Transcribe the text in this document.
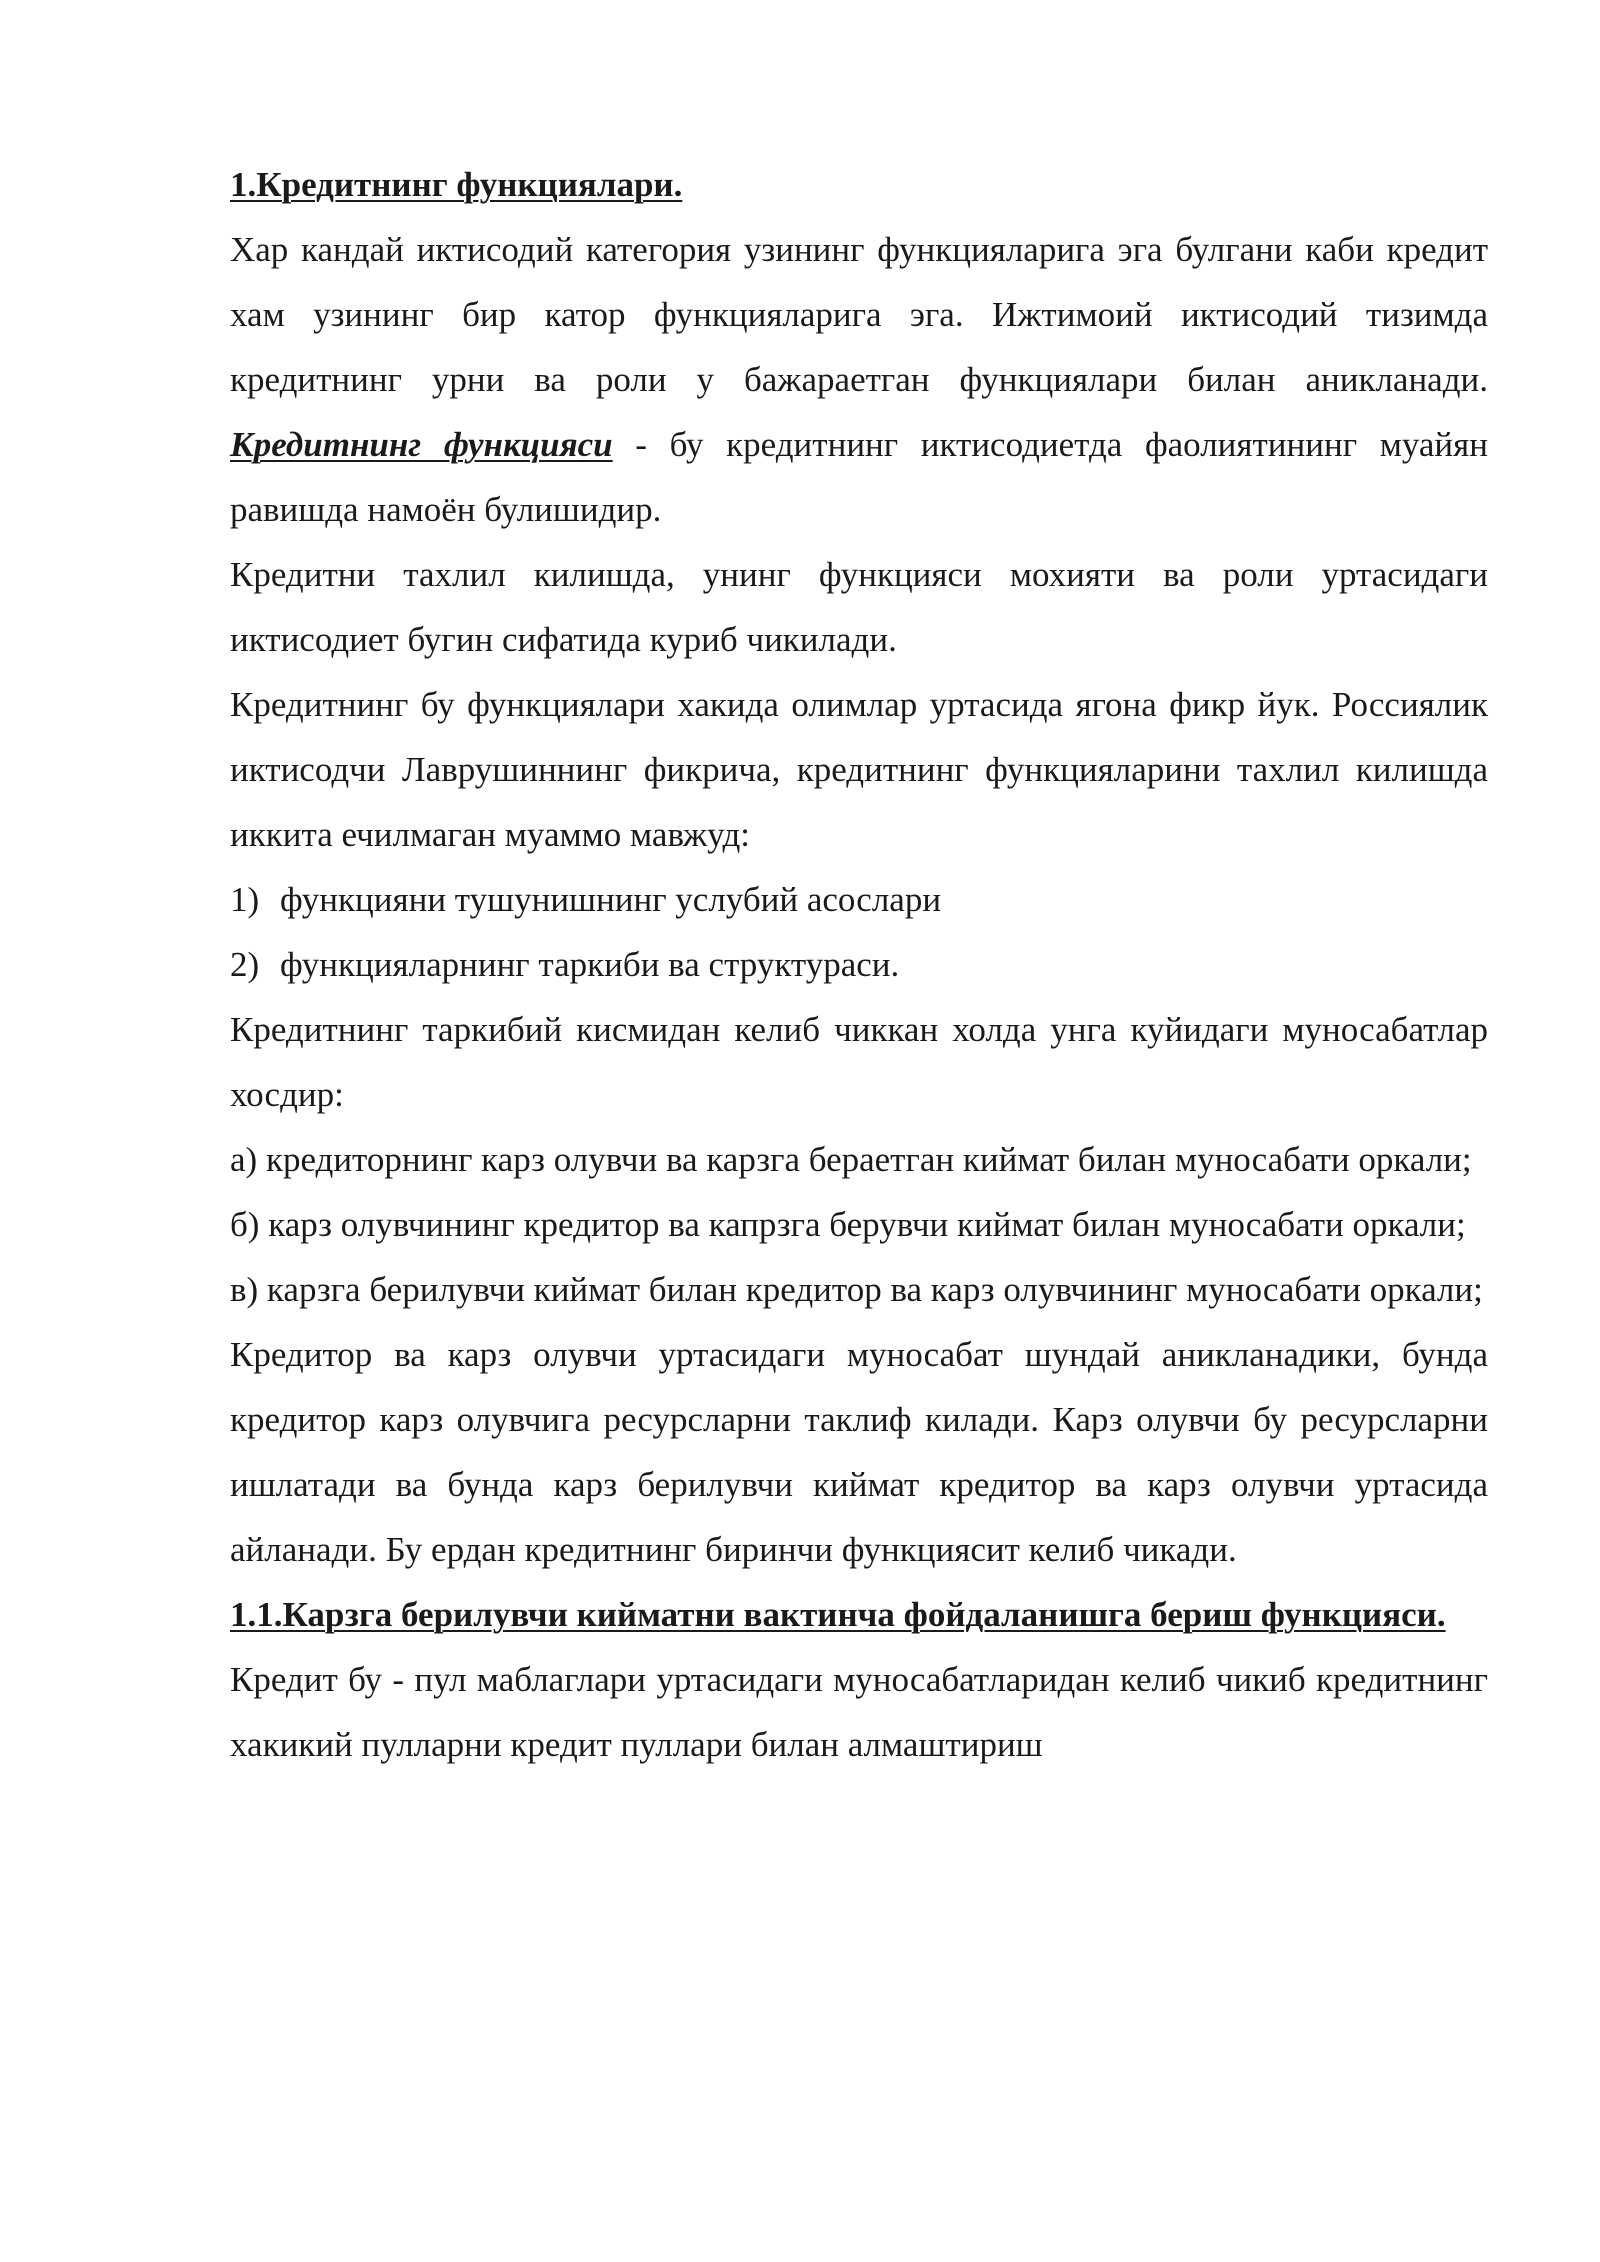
1.Кредитнинг функциялари.

Хар кандай иктисодий категория узининг функцияларига эга булгани каби кредит хам узининг бир катор функцияларига эга. Ижтимоий иктисодий тизимда кредитнинг урни ва роли у бажараетган функциялари билан аникланади. Кредитнинг функцияси - бу кредитнинг иктисодиетда фаолиятининг муайян равишда намоён булишидир.

Кредитни тахлил килишда, унинг функцияси мохияти ва роли уртасидаги иктисодиет бугин сифатида куриб чикилади.

Кредитнинг бу функциялари хакида олимлар уртасида ягона фикр йук. Россиялик иктисодчи Лаврушиннинг фикрича, кредитнинг функцияларини тахлил килишда иккита ечилмаган муаммо мавжуд:

1) функцияни тушунишнинг услубий асослари

2) функцияларнинг таркиби ва структураси.

Кредитнинг таркибий кисмидан келиб чиккан холда унга куйидаги муносабатлар хосдир:

а) кредиторнинг карз олувчи ва карзга бераетган киймат билан муносабати оркали;

б) карз олувчининг кредитор ва капрзга берувчи киймат билан муносабати оркали;

в) карзга берилувчи киймат билан кредитор ва карз олувчининг муносабати оркали;

Кредитор ва карз олувчи уртасидаги муносабат шундай аникланадики, бунда кредитор карз олувчига ресурсларни таклиф килади. Карз олувчи бу ресурсларни ишлатади ва бунда карз берилувчи киймат кредитор ва карз олувчи уртасида айланади. Бу ердан кредитнинг биринчи функциясит келиб чикади.

1.1.Карзга берилувчи кийматни вактинча фойдаланишга бериш функцияси.

Кредит бу - пул маблаглари уртасидаги муносабатларидан келиб чикиб кредитнинг хакикий пулларни кредит пуллари билан алмаштириш
